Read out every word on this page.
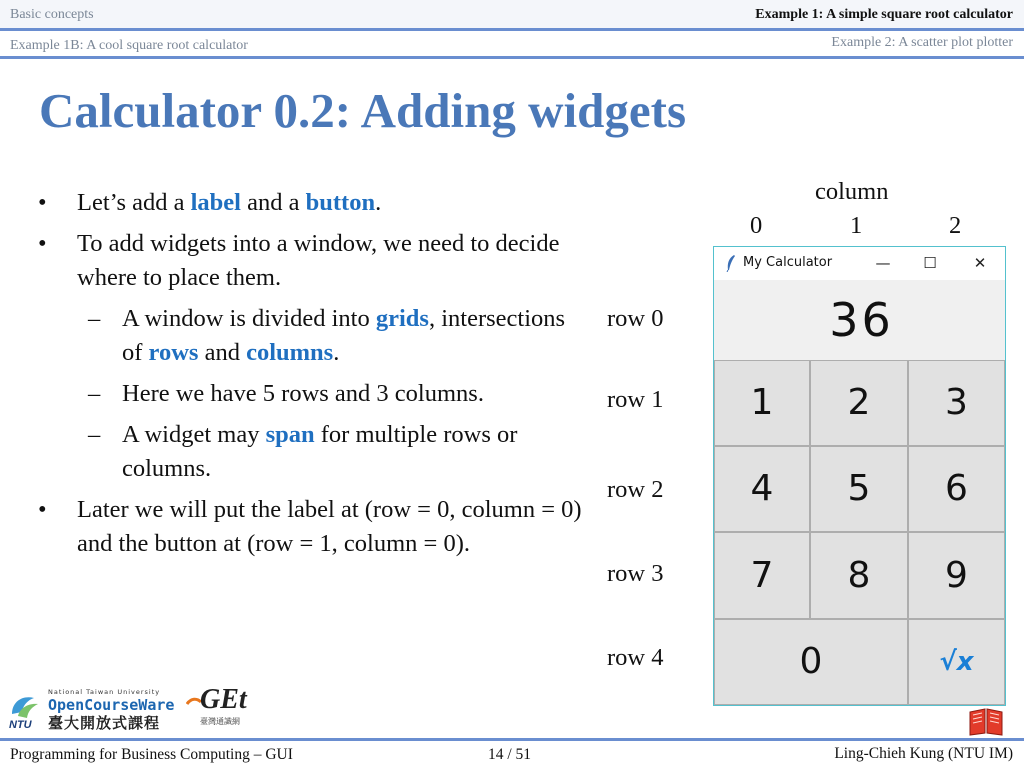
Basic concepts	Example 1: A simple square root calculator
Example 1B: A cool square root calculator	Example 2: A scatter plot plotter
Calculator 0.2: Adding widgets
• Let’s add a label and a button.
• To add widgets into a window, we need to decide where to place them.
– A window is divided into grids, intersections of rows and columns.
– Here we have 5 rows and 3 columns.
– A widget may span for multiple rows or columns.
• Later we will put the label at (row = 0, column = 0) and the button at (row = 1, column = 0).
column
0	1	2
row 0
row 1
row 2
row 3
row 4
My Calculator	— ☐ ✕
36
1	2	3
4	5	6
7	8	9
0	√x
NTU
National Taiwan University
OpenCourseWare
臺大開放式課程
GEt
臺灣通識網
Programming for Business Computing – GUI	14 / 51	Ling-Chieh Kung (NTU IM)
